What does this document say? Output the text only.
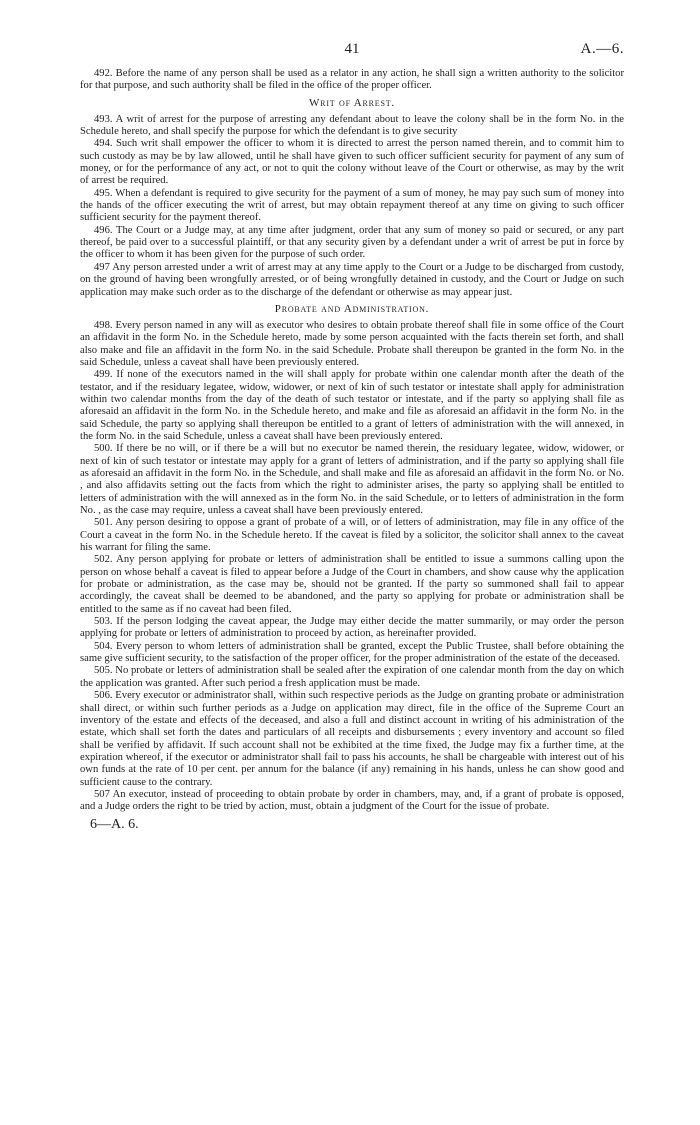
41	A.—6.

492. Before the name of any person shall be used as a relator in any action, he shall sign a written authority to the solicitor for that purpose, and such authority shall be filed in the office of the proper officer.

Writ of Arrest.

493. A writ of arrest for the purpose of arresting any defendant about to leave the colony shall be in the form No. in the Schedule hereto, and shall specify the purpose for which the defendant is to give security

494. Such writ shall empower the officer to whom it is directed to arrest the person named therein, and to commit him to such custody as may be by law allowed, until he shall have given to such officer sufficient security for payment of any sum of money, or for the performance of any act, or not to quit the colony without leave of the Court or otherwise, as may by the writ of arrest be required.

495. When a defendant is required to give security for the payment of a sum of money, he may pay such sum of money into the hands of the officer executing the writ of arrest, but may obtain repayment thereof at any time on giving to such officer sufficient security for the payment thereof.

496. The Court or a Judge may, at any time after judgment, order that any sum of money so paid or secured, or any part thereof, be paid over to a successful plaintiff, or that any security given by a defendant under a writ of arrest be put in force by the officer to whom it has been given for the purpose of such order.

497 Any person arrested under a writ of arrest may at any time apply to the Court or a Judge to be discharged from custody, on the ground of having been wrongfully arrested, or of being wrongfully detained in custody, and the Court or Judge on such application may make such order as to the discharge of the defendant or otherwise as may appear just.

Probate and Administration.

498. Every person named in any will as executor who desires to obtain probate thereof shall file in some office of the Court an affidavit in the form No. in the Schedule hereto, made by some person acquainted with the facts therein set forth, and shall also make and file an affidavit in the form No. in the said Schedule. Probate shall thereupon be granted in the form No. in the said Schedule, unless a caveat shall have been previously entered.

499. If none of the executors named in the will shall apply for probate within one calendar month after the death of the testator, and if the residuary legatee, widow, widower, or next of kin of such testator or intestate shall apply for administration within two calendar months from the day of the death of such testator or intestate, and if the party so applying shall file as aforesaid an affidavit in the form No. in the Schedule hereto, and make and file as aforesaid an affidavit in the form No. in the said Schedule, the party so applying shall thereupon be entitled to a grant of letters of administration with the will annexed, in the form No. in the said Schedule, unless a caveat shall have been previously entered.

500. If there be no will, or if there be a will but no executor be named therein, the residuary legatee, widow, widower, or next of kin of such testator or intestate may apply for a grant of letters of administration, and if the party so applying shall file as aforesaid an affidavit in the form No. in the Schedule, and shall make and file as aforesaid an affidavit in the form No. or No. , and also affidavits setting out the facts from which the right to administer arises, the party so applying shall be entitled to letters of administration with the will annexed as in the form No. in the said Schedule, or to letters of administration in the form No. , as the case may require, unless a caveat shall have been previously entered.

501. Any person desiring to oppose a grant of probate of a will, or of letters of administration, may file in any office of the Court a caveat in the form No. in the Schedule hereto. If the caveat is filed by a solicitor, the solicitor shall annex to the caveat his warrant for filing the same.

502. Any person applying for probate or letters of administration shall be entitled to issue a summons calling upon the person on whose behalf a caveat is filed to appear before a Judge of the Court in chambers, and show cause why the application for probate or administration, as the case may be, should not be granted. If the party so summoned shall fail to appear accordingly, the caveat shall be deemed to be abandoned, and the party so applying for probate or administration shall be entitled to the same as if no caveat had been filed.

503. If the person lodging the caveat appear, the Judge may either decide the matter summarily, or may order the person applying for probate or letters of administration to proceed by action, as hereinafter provided.

504. Every person to whom letters of administration shall be granted, except the Public Trustee, shall before obtaining the same give sufficient security, to the satisfaction of the proper officer, for the proper administration of the estate of the deceased.

505. No probate or letters of administration shall be sealed after the expiration of one calendar month from the day on which the application was granted. After such period a fresh application must be made.

506. Every executor or administrator shall, within such respective periods as the Judge on granting probate or administration shall direct, or within such further periods as a Judge on application may direct, file in the office of the Supreme Court an inventory of the estate and effects of the deceased, and also a full and distinct account in writing of his administration of the estate, which shall set forth the dates and particulars of all receipts and disbursements ; every inventory and account so filed shall be verified by affidavit. If such account shall not be exhibited at the time fixed, the Judge may fix a further time, at the expiration whereof, if the executor or administrator shall fail to pass his accounts, he shall be chargeable with interest out of his own funds at the rate of 10 per cent. per annum for the balance (if any) remaining in his hands, unless he can show good and sufficient cause to the contrary.

507 An executor, instead of proceeding to obtain probate by order in chambers, may, and, if a grant of probate is opposed, and a Judge orders the right to be tried by action, must, obtain a judgment of the Court for the issue of probate.

6—A. 6.
